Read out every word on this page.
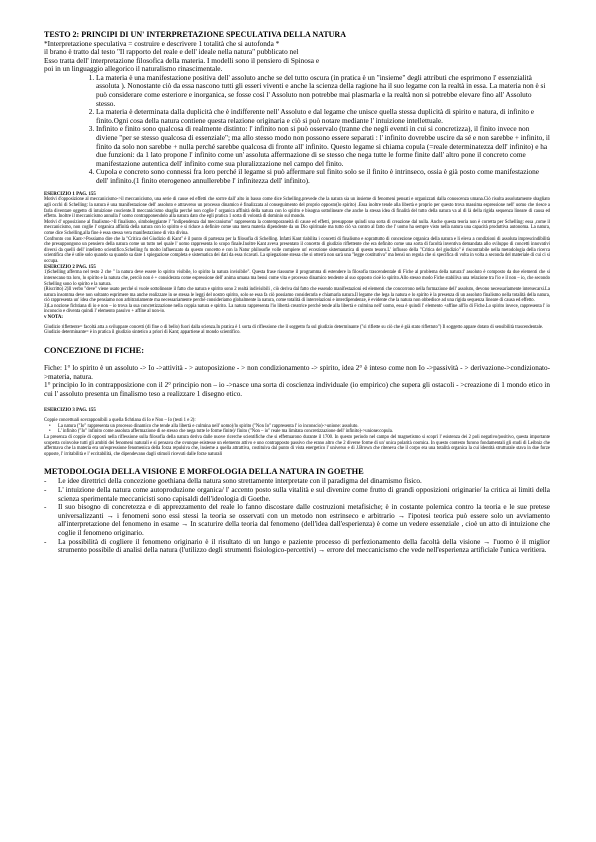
TESTO 2: PRINCIPI DI UN' INTERPRETAZIONE SPECULATIVA DELLA NATURA

*Interpretazione speculativa = costruire e descrivere 1 totalità che si autofonda *

il brano è tratto dal testo "Il rapporto del reale e dell' ideale nella natura" pubblicato nel

Esso tratta dell' interpretazione filosofica della materia. I modelli sono il pensiero di Spinosa e

poi in un linguaggio allegorico il naturalismo rinascimentale.

1. La materia è una manifestazione positiva dell' assoluto anche se del tutto oscura (in pratica è un "insieme" degli attributi che esprimono l' essenzialità assoluta ). Nonostante ciò da essa nascono tutti gli esseri viventi e anche la scienza della ragione ha il suo legame con la realtà in essa. La materia non è si può considerare come esteriore e inorganica, se fosse così l' Assoluto non potrebbe mai plasmarla e la realtà non si potrebbe elevare fino all' Assoluto stesso.
2. La materia è determinata dalla duplicità che è indifferente nell' Assoluto e dal legame che unisce quella stessa duplicità di spirito e natura, di infinito e finito.Ogni cosa della natura contiene questa relazione originaria e ciò si può notare mediante l' intuizione intellettuale.
3. Infinito e finito sono qualcosa di realmente distinto: l' infinito non si può osservalo (tranne che negli eventi in cui si concretizza), il finito invece non diviene "per se stesso qualcosa di essenziale"; ma allo stesso modo non possono essere separati : l' infinito dovrebbe uscire da sé e non sarebbe + infinito, il finito da solo non sarebbe + nulla perché sarebbe qualcosa di fronte all' infinito. Questo legame si chiama copula (=reale determinatezza dell' infinito) e ha due funzioni: da 1 lato propone l' infinito come un' assoluta affermazione di se stesso che nega tutte le forme finite dall' altro pone il concreto come manifestazione autentica dell' infinito come sua pluralizzazione nel campo del finito.
4. Cupola e concreto sono connessi fra loro perché il legame si può affermare sul finito solo se il finito è intrinseco, ossia è già posto come manifestazione dell' infinito.(1 finito eterogeneo annullerebbe l' infinitezza dell' infinito).

ESERCIZIO 1 PAG. 155

Motivi d'opposizione al meccanicismo->il meccanicismo, una serie di cause ed effetti che sorrre dall' alto in basso come dice Schelling.prevede che la natura sia un insieme di fenomeni pensati e organizzati dalla conoscenza umana.Ciò risulta assolutamente sbagliato agli occhi di Schelling: la natura è una manifestazione dell' assoluto e attraverso un processo dinamico è finalizzata al conseguimento del proprio opposto(lo spirito) .Essa inoltre tende alla libertà e proprio per questo trova massima espressione nell' uomo che riesce a farla diventare oggetto di intuizione cosciente.Il meccanicismo sbaglia perché non coglie l' organica affinità della natura con lo spirito e bisogna sottolineare che anche la stessa idea di finalità del tutto della natura va al di là della rigida sequenza lineare di causa ed effetto. Inoltre il meccanicismo annulla l' uomo contrapponendolo alla natura dato che egli pratica 1 sorta di volontà di dominio sul mondo.

Motivi d' opposizione al finalismo->Il finalismo, simboleggiante l' "indipendenza dal meccanismo" rappresenta la contemporaneità di cause ed effetti, presuppone quindi una sorta di creazione dal nulla. Anche questa teoria non è corretta per Schelling: essa ,come il meccanicismo, non coglie l' organica affinità della natura con lo spirito e si riduce a definire come una mera materia dipendente da un Dio spirituale ma tutto ciò va contro al fatto che l' uomo ha sempre visto nella natura una capacità produttiva autonoma. La natura, come dice Schelling,alla fine è essa stessa vera manifestazione di vita divina.

Confronto con Kant->Possiamo dire che la "Critica del Giudizio di Kant" è il punto di partenza per la filosofia di Schelling. Infatti Kant riabilita i concetti di finalismo e soprattutto di concezione organica della natura e li eleva a condizioni di assoluta imprescindibilità che presuppongono un pensiero della natura come un tutto nel quale l' uomo rappresenta lo scopo finale.Inoltre Kant aveva presentato il concetto di giudizio riflettente che era definito come una sorta di facoltà inventiva demandata allo sviluppo di concetti innovativi diversi da quelli dell' intelletto scientifico.Schelling fu molto influenzato da questo concetto e con la Natur philosofie volle compiere un' eccezione sistemanatica di questo tesoro.L' influsso della "Critica del giudizio" è riscontrabile nella metodologia della ricerca scientifica che è utile solo quando sa quando sa dare 1 spiegazione completa e sistematica dei dati da essa ricavati. La spiegazione stessa che si otterrà non sarà una "legge costitutiva" ma bensì un regola che si specifica di volta in volta a seconda del materiale di cui ci si occupa.

ESERCIZIO 2 PAG. 155

1)Schelling afferma nel testo 2 che " la natura deve essere lo spirito visibile, lo spirito la natura invisibile". Questa frase riassume il programma di estendere la filosofia trascendentale di Fiche al problema della natura:l' assoluto è composto da due elementi che si intersecano tra loro, lo spirito e la natura che, perciò non è + considerata come espressione dell' anima umana ma bensì come vita e processo dinamico tendente al suo opposto cioè lo spirito.Allo stesso modo Fiche stabiliva una relazione tra l'io e il non – io, che secondo Schelling sono lo spirito e la natura.

(Riscritto) 2)Il verbo "deve" viene usato perché si vuole sottolineare il fatto che natura e spirito sono 2 realtà indivisibili , ciò deriva dal fatto che essendo manifestazioni ed elementi che concorrono nella formazione dell' assoluto, devono necessariamente intersecarsi.La natura insomma deve non soltanto esprimere ma anche realizzare in se stessa le leggi del nostro spirito, solo se essa fa ciò possiamo considerarla e chiamarla natura.Il legame che lega la natura e lo spirito è la presenza di un assoluto finalismo nella totalità della natura, ciò rappresenta un' idea che pensiamo non arbitrariamente ma necessariamente perché consideriamo globalmente la natura, come totalità di interrelazioni e interdipendenze, è evidente che la natura non obbedisce ad una rigida sequenza lineare di causa ed effetto.

3)La nozione fichtiana di io e non – io trova la sua concretizzazione nella coppia natura e spirito. La natura rappresenta l'io libertà creatrice perché tende alla libertà e culmina nell' uomo, essa è quindi l' elemento +affine all'Io di Fiche.Lo spirito invece, rappresenta l' io inconscio e diventa quindi l' elemento passivo + affine al non-io.

v NOTA:

Giudizio riflettente= facoltà atta a sviluppare concetti (di fine o di bello) fuori dalla scienza.In pratica è 1 sorta di riflessione che il soggetto fa sul giudizio determinante ("si riflette su ciò che è già stato riflettuto") Il soggetto appare dotato di sensibilità trascendentale.

Giudizio determinante= è in pratica il giudizio sintetico a priori di Kant; appartiene al mondo scientifico.

CONCEZIONE DI FICHE:

Fiche: 1° lo spirito è un assoluto -> Io ->attività - > autoposizione - > non condizionamento -> spirito, idea 2° è inteso come non Io ->passività - > derivazione->condizionato->materia, natura.

1° principio Io in contrapposizione con il 2° principio non – io ->nasce una sorta di coscienza individuale (io empirico) che supera gli ostacoli - >creazione di 1 mondo etico in cui l' assoluto presenta un finalismo teso a realizzare 1 disegno etico.

ESERCIZIO 3 PAG. 155

Coppie concettuali sovrapponibili a quella fichtiana di Io e Non – Io (testi 1 e 2):

• La natura ("Io" rappresenta un processo dinamico che tende alla libertà e culmina nell' uomo)/lo spirito ("Non Io" rappresenta l' io inconscio)->unione: assoluto.
• L' infinito ("Io" infinito come assoluta affermazione di se stesso che nega tutte le forme finite)/ finito ("Non – io" reale ma limitata concretizzazione dell' infinito)->unione:copula.

La presenza di coppie di opposti nella riflessione sulla filosofia della natura deriva dalle nuove ricerche scientifiche che si effettuarono durante il 1700. In questo periodo nel campo del magnetismo si scoprì l' esistenza dei 2 poli negativo/positivo, questa importante scoperta coinvolse tutti gli ambiti dei fenomeni naturali e si pensava che ovunque esistesse un elemento attivo e uno contrapposto passivo che erano altro che 2 diverse forme di un' unica polarità cosmica. In questo contesto furono fondamentali gli studi di Leibniz che affermava che la materia era un'espressione fenomenica della forza repulsiva che, insieme a quella attrattiva, costituiva dal punto di vista energetico l' universo e di J.Brown che riteneva che il corpo era una totalità organica la cui identità strutturale stava in due forze opposte, l' irritabilità e l' eccitabilità, che dipendevano dagli stimoli ricevuti dalle forze naturali

METODOLOGIA DELLA VISIONE E MORFOLOGIA DELLA NATURA IN GOETHE

- Le idee direttrici della concezione goethiana della natura sono strettamente interpretate con il paradigma del dinamismo fisico.
- L' intuizione della natura come autoproduzione organica/ l' accento posto sulla vitalità e sul divenire come frutto di grandi opposizioni originarie/ la critica ai limiti della scienza sperimentale meccanicisti sono capisaldi dell'ideologia di Goethe.
- Il suo bisogno di concretezza e di apprezzamento del reale lo fanno discostare dalle costruzioni metafisiche; è in costante polemica contro la teoria e le sue pretese universalizzanti → i fenomeni sono essi stessi la teoria se osservati con un metodo non estrinseco e arbitrario → l'ipotesi teorica può essere solo un avviamento all'interpretazione del fenomeno in esame → In scaturire della teoria dal fenomeno (dell'idea dall'esperienza) è come un vedere essenziale , cioè un atto di intuizione che coglie il fenomeno originario.
- La possibilità di cogliere il fenomeno originario è il risultato di un lungo e paziente processo di perfezionamento della facoltà della visione → l'uomo è il miglior strumento possibile di analisi della natura (l'utilizzo degli strumenti fisiologico-percettivi) → errore del meccanicismo che vede nell'esperienza artificiale l'unica veritiera.
